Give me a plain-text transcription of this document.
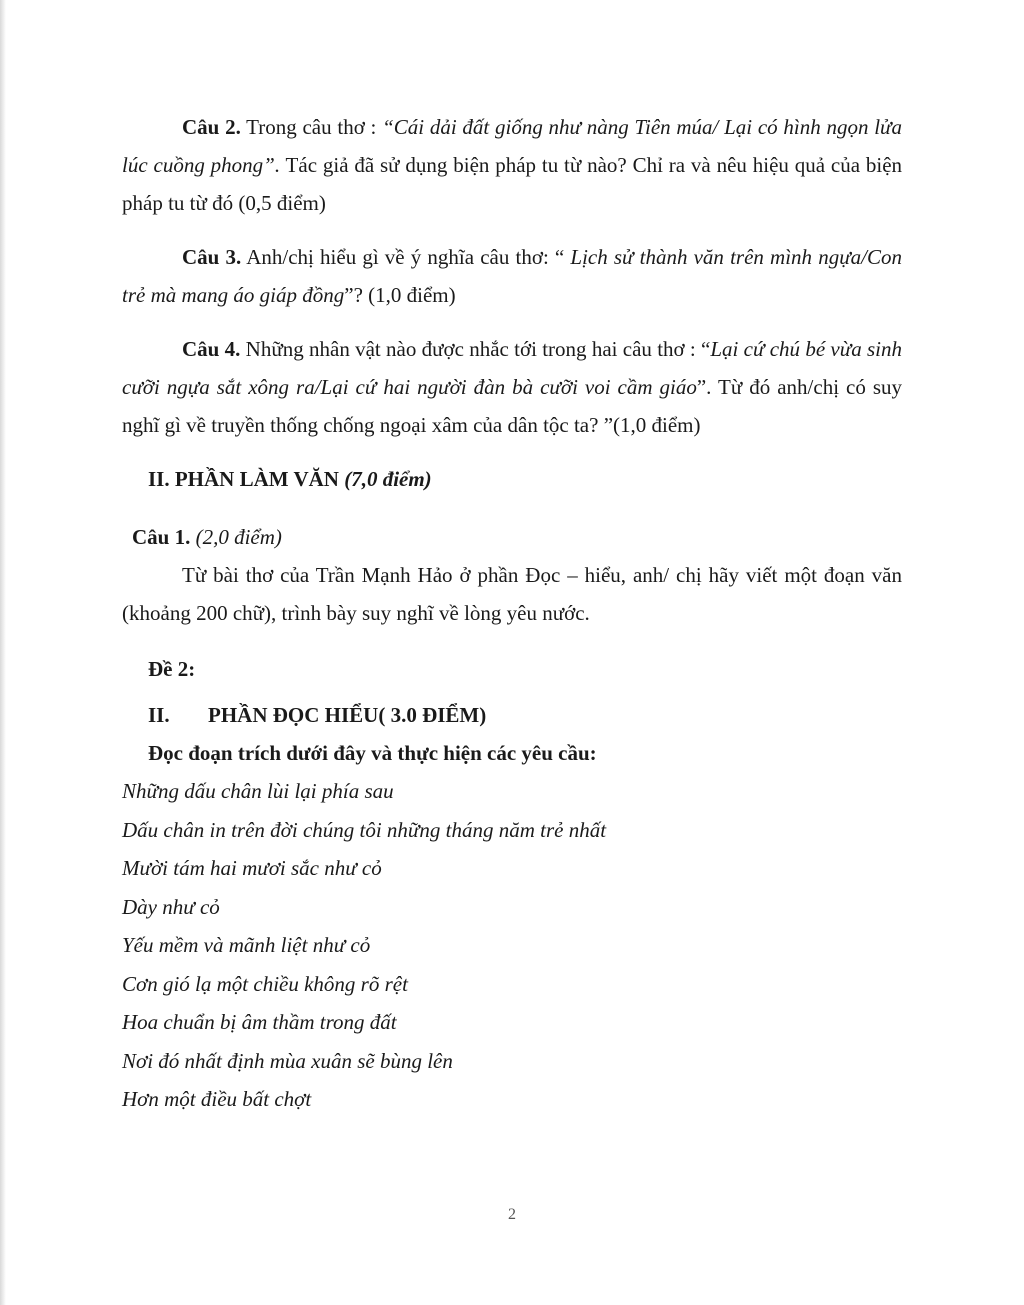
Câu 2. Trong câu thơ : “Cái dải đất giống như nàng Tiên múa/ Lại có hình ngọn lửa lúc cuồng phong”. Tác giả đã sử dụng biện pháp tu từ nào? Chỉ ra và nêu hiệu quả của biện pháp tu từ đó (0,5 điểm)

Câu 3. Anh/chị hiểu gì về ý nghĩa câu thơ: “ Lịch sử thành văn trên mình ngựa/Con trẻ mà mang áo giáp đồng”? (1,0 điểm)

Câu 4. Những nhân vật nào được nhắc tới trong hai câu thơ : “Lại cứ chú bé vừa sinh cưỡi ngựa sắt xông ra/Lại cứ hai người đàn bà cưỡi voi cầm giáo”. Từ đó anh/chị có suy nghĩ gì về truyền thống chống ngoại xâm của dân tộc ta? ”(1,0 điểm)

II. PHẦN LÀM VĂN (7,0 điểm)
Câu 1. (2,0 điểm)

Từ bài thơ của Trần Mạnh Hảo ở phần Đọc – hiểu, anh/ chị hãy viết một đoạn văn (khoảng 200 chữ), trình bày suy nghĩ về lòng yêu nước.

Đề 2:
II. PHẦN ĐỌC HIỂU( 3.0 ĐIỂM)
Đọc đoạn trích dưới đây và thực hiện các yêu cầu:
Những dấu chân lùi lại phía sau
Dấu chân in trên đời chúng tôi những tháng năm trẻ nhất
Mười tám hai mươi sắc như cỏ
Dày như cỏ
Yếu mềm và mãnh liệt như cỏ
Cơn gió lạ một chiều không rõ rệt
Hoa chuẩn bị âm thầm trong đất
Nơi đó nhất định mùa xuân sẽ bùng lên
Hơn một điều bất chợt
2
